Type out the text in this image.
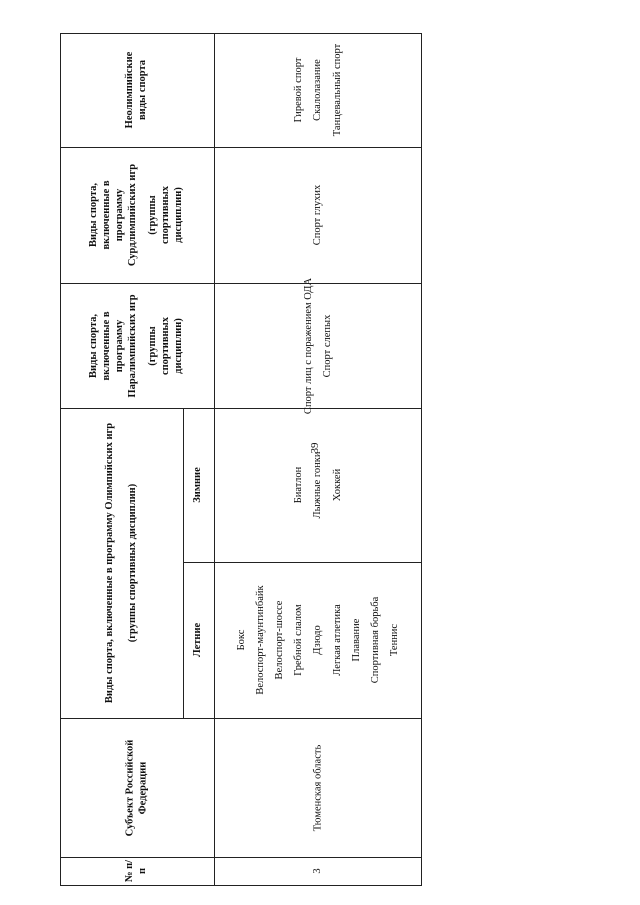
39
№ п/п
Субъект Российской Федерации
Виды спорта, включенные в программу Олимпийских игр (группы спортивных дисциплин)	Летние
Зимние
Виды спорта, включенные в программу Паралимпийских игр (группы спортивных дисциплин)
Виды спорта, включенные в программу Сурдлимпийских игр (группы спортивных дисциплин)
Неолимпийские виды спорта
3
Тюменская область
Бокс Велоспорт-маунтинбайк Велоспорт-шоссе Гребной слалом Дзюдо Легкая атлетика Плавание Спортивная борьба Теннис
Биатлон Лыжные гонки Хоккей
Спорт лиц с поражением ОДА Спорт слепых
Спорт глухих
Гиревой спорт Скалолазание Танцевальный спорт
